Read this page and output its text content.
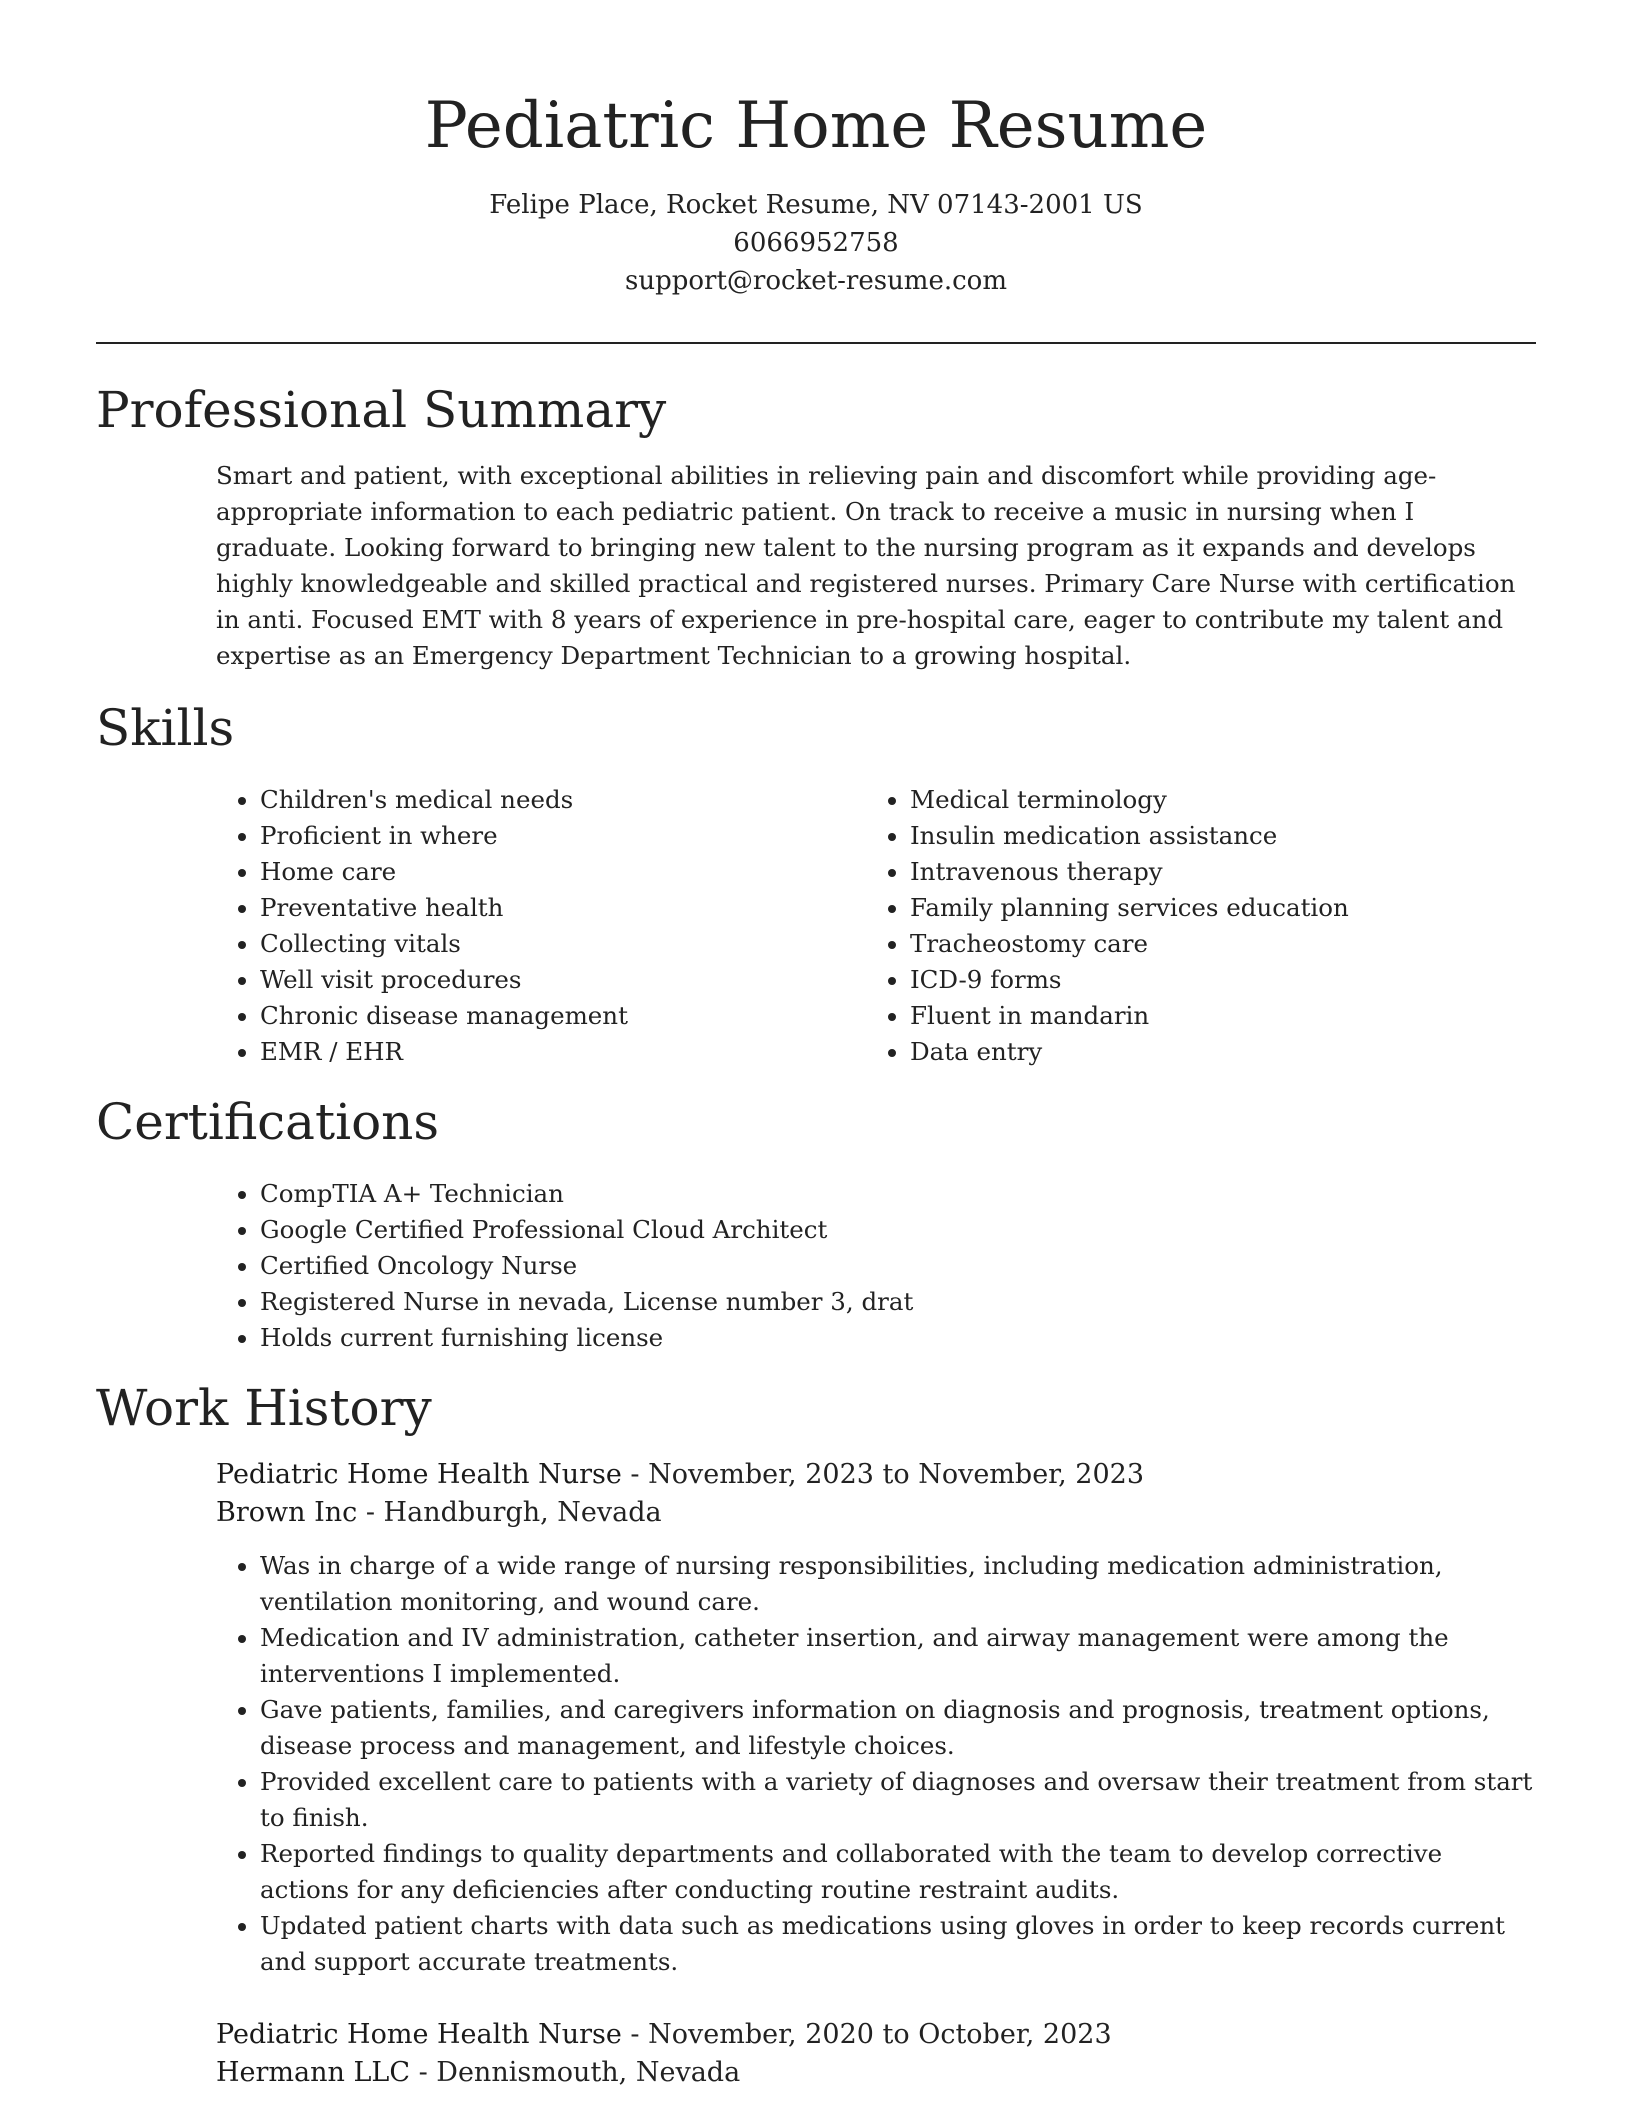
Pediatric Home Resume
Felipe Place, Rocket Resume, NV 07143-2001 US
6066952758
support@rocket-resume.com
Professional Summary

Smart and patient, with exceptional abilities in relieving pain and discomfort while providing age-appropriate information to each pediatric patient. On track to receive a music in nursing when I graduate. Looking forward to bringing new talent to the nursing program as it expands and develops highly knowledgeable and skilled practical and registered nurses. Primary Care Nurse with certification in anti. Focused EMT with 8 years of experience in pre-hospital care, eager to contribute my talent and expertise as an Emergency Department Technician to a growing hospital.

Skills
• Children's medical needs
• Proficient in where
• Home care
• Preventative health
• Collecting vitals
• Well visit procedures
• Chronic disease management
• EMR / EHR
• Medical terminology
• Insulin medication assistance
• Intravenous therapy
• Family planning services education
• Tracheostomy care
• ICD-9 forms
• Fluent in mandarin
• Data entry
Certifications
• CompTIA A+ Technician
• Google Certified Professional Cloud Architect
• Certified Oncology Nurse
• Registered Nurse in nevada, License number 3, drat
• Holds current furnishing license
Work History
Pediatric Home Health Nurse - November, 2023 to November, 2023
Brown Inc - Handburgh, Nevada
• Was in charge of a wide range of nursing responsibilities, including medication administration, ventilation monitoring, and wound care.
• Medication and IV administration, catheter insertion, and airway management were among the interventions I implemented.
• Gave patients, families, and caregivers information on diagnosis and prognosis, treatment options, disease process and management, and lifestyle choices.
• Provided excellent care to patients with a variety of diagnoses and oversaw their treatment from start to finish.
• Reported findings to quality departments and collaborated with the team to develop corrective actions for any deficiencies after conducting routine restraint audits.
• Updated patient charts with data such as medications using gloves in order to keep records current and support accurate treatments.
Pediatric Home Health Nurse - November, 2020 to October, 2023
Hermann LLC - Dennismouth, Nevada
